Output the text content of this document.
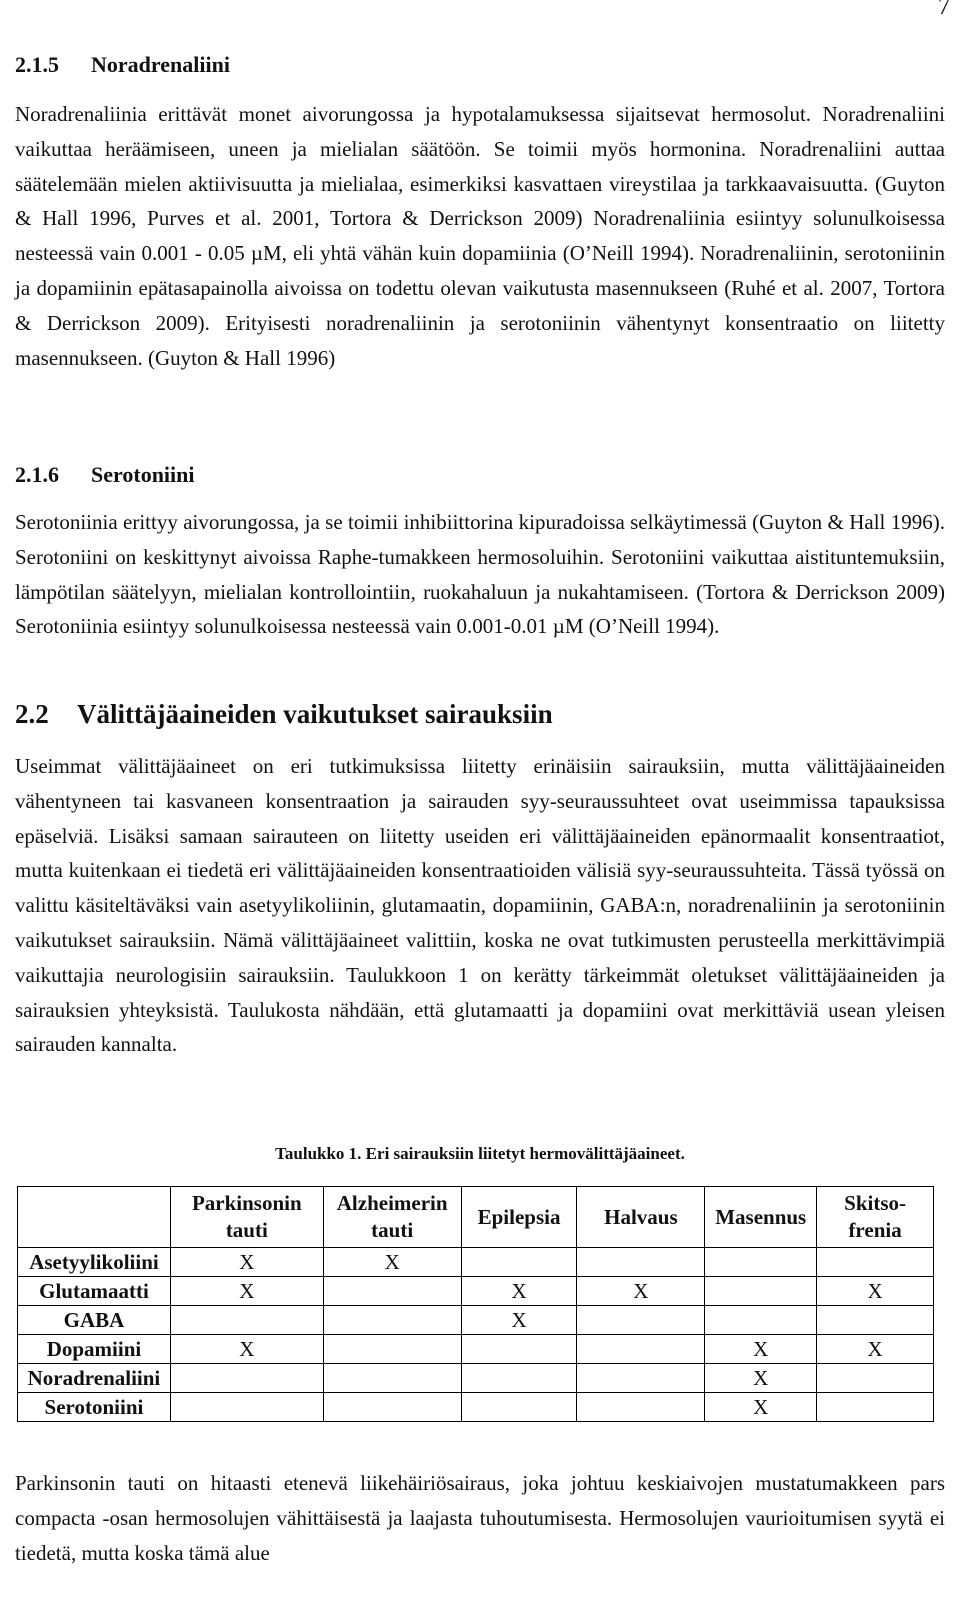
7
2.1.5 Noradrenaliini

Noradrenaliinia erittävät monet aivorungossa ja hypotalamuksessa sijaitsevat hermosolut. Noradrenaliini vaikuttaa heräämiseen, uneen ja mielialan säätöön. Se toimii myös hormonina. Noradrenaliini auttaa säätelemään mielen aktiivisuutta ja mielialaa, esimerkiksi kasvattaen vireystilaa ja tarkkaavaisuutta. (Guyton & Hall 1996, Purves et al. 2001, Tortora & Derrickson 2009) Noradrenaliinia esiintyy solunulkoisessa nesteessä vain 0.001 - 0.05 µM, eli yhtä vähän kuin dopamiinia (O’Neill 1994). Noradrenaliinin, serotoniinin ja dopamiinin epätasapainolla aivoissa on todettu olevan vaikutusta masennukseen (Ruhé et al. 2007, Tortora & Derrickson 2009). Erityisesti noradrenaliinin ja serotoniinin vähentynyt konsentraatio on liitetty masennukseen. (Guyton & Hall 1996)

2.1.6 Serotoniini

Serotoniinia erittyy aivorungossa, ja se toimii inhibiittorina kipuradoissa selkäytimessä (Guyton & Hall 1996). Serotoniini on keskittynyt aivoissa Raphe-tumakkeen hermosoluihin. Serotoniini vaikuttaa aistituntemuksiin, lämpötilan säätelyyn, mielialan kontrollointiin, ruokahaluun ja nukahtamiseen. (Tortora & Derrickson 2009) Serotoniinia esiintyy solunulkoisessa nesteessä vain 0.001-0.01 µM (O’Neill 1994).

2.2 Välittäjäaineiden vaikutukset sairauksiin

Useimmat välittäjäaineet on eri tutkimuksissa liitetty erinäisiin sairauksiin, mutta välittäjäaineiden vähentyneen tai kasvaneen konsentraation ja sairauden syy-seuraussuhteet ovat useimmissa tapauksissa epäselviä. Lisäksi samaan sairauteen on liitetty useiden eri välittäjäaineiden epänormaalit konsentraatiot, mutta kuitenkaan ei tiedetä eri välittäjäaineiden konsentraatioiden välisiä syy-seuraussuhteita. Tässä työssä on valittu käsiteltäväksi vain asetyylikoliinin, glutamaatin, dopamiinin, GABA:n, noradrenaliinin ja serotoniinin vaikutukset sairauksiin. Nämä välittäjäaineet valittiin, koska ne ovat tutkimusten perusteella merkittävimpiä vaikuttajia neurologisiin sairauksiin. Taulukkoon 1 on kerätty tärkeimmät oletukset välittäjäaineiden ja sairauksien yhteyksistä. Taulukosta nähdään, että glutamaatti ja dopamiini ovat merkittäviä usean yleisen sairauden kannalta.

Taulukko 1. Eri sairauksiin liitetyt hermovälittäjäaineet.
	Parkinsonin
tauti	Alzheimerin
tauti	Epilepsia	Halvaus	Masennus	Skitso-
frenia
Asetyylikoliini	X	X				
Glutamaatti	X		X	X		X
GABA			X			
Dopamiini	X				X	X
Noradrenaliini					X	
Serotoniini					X	

Parkinsonin tauti on hitaasti etenevä liikehäiriösairaus, joka johtuu keskiaivojen mustatumakkeen pars compacta -osan hermosolujen vähittäisestä ja laajasta tuhoutumisesta. Hermosolujen vaurioitumisen syytä ei tiedetä, mutta koska tämä alue
